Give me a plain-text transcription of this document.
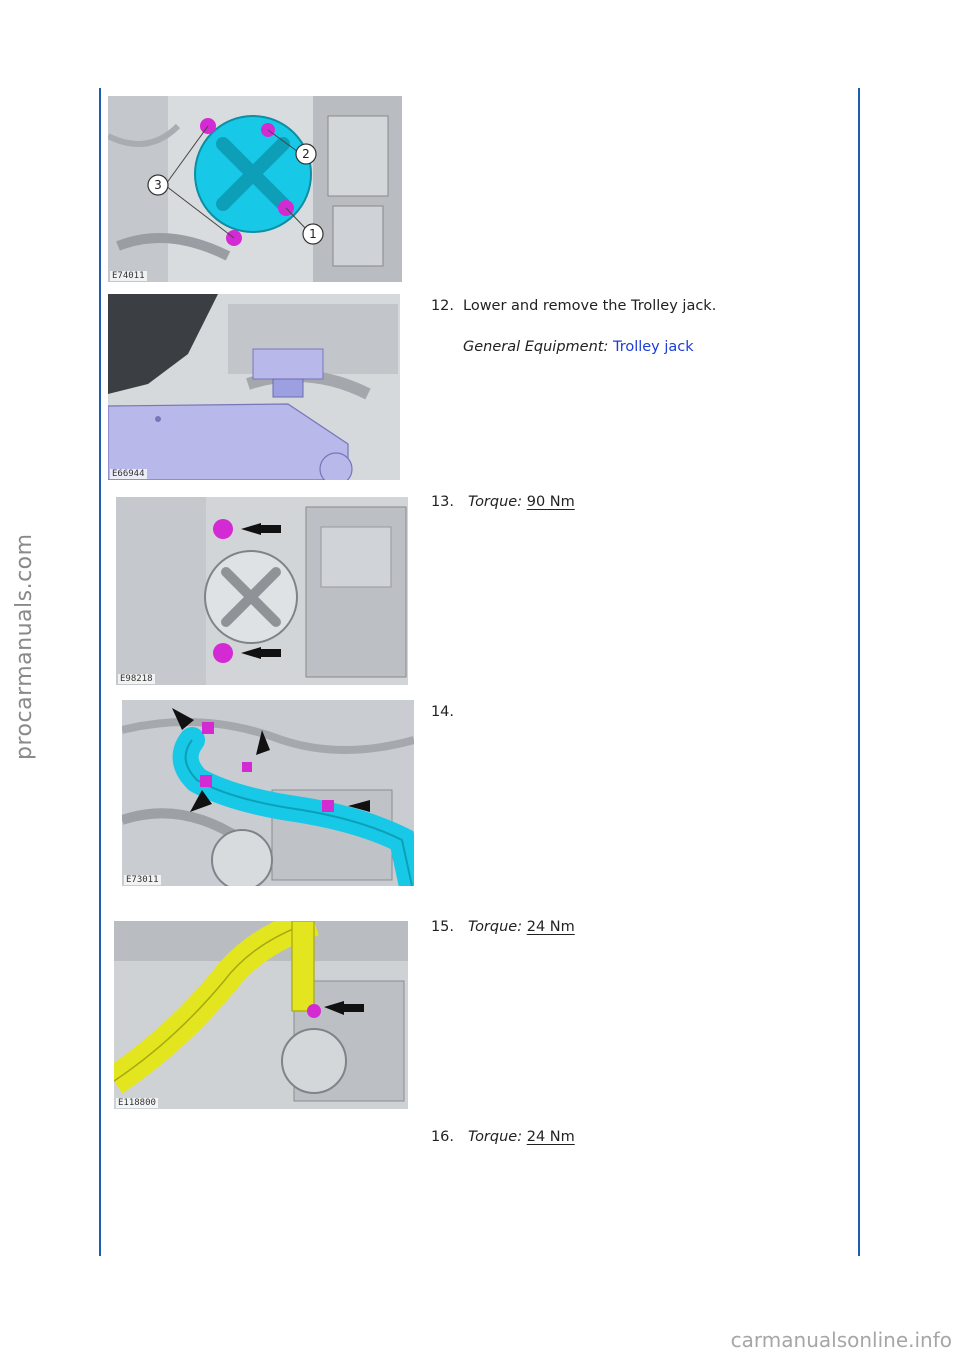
procarmanuals.com
carmanualsonline.info
1
2
3
E74011
E66944
E98218
E73011
E118800
12. Lower and remove the Trolley jack.
General Equipment: Trolley jack
13. Torque: 90 Nm
14.
15. Torque: 24 Nm
16. Torque: 24 Nm
